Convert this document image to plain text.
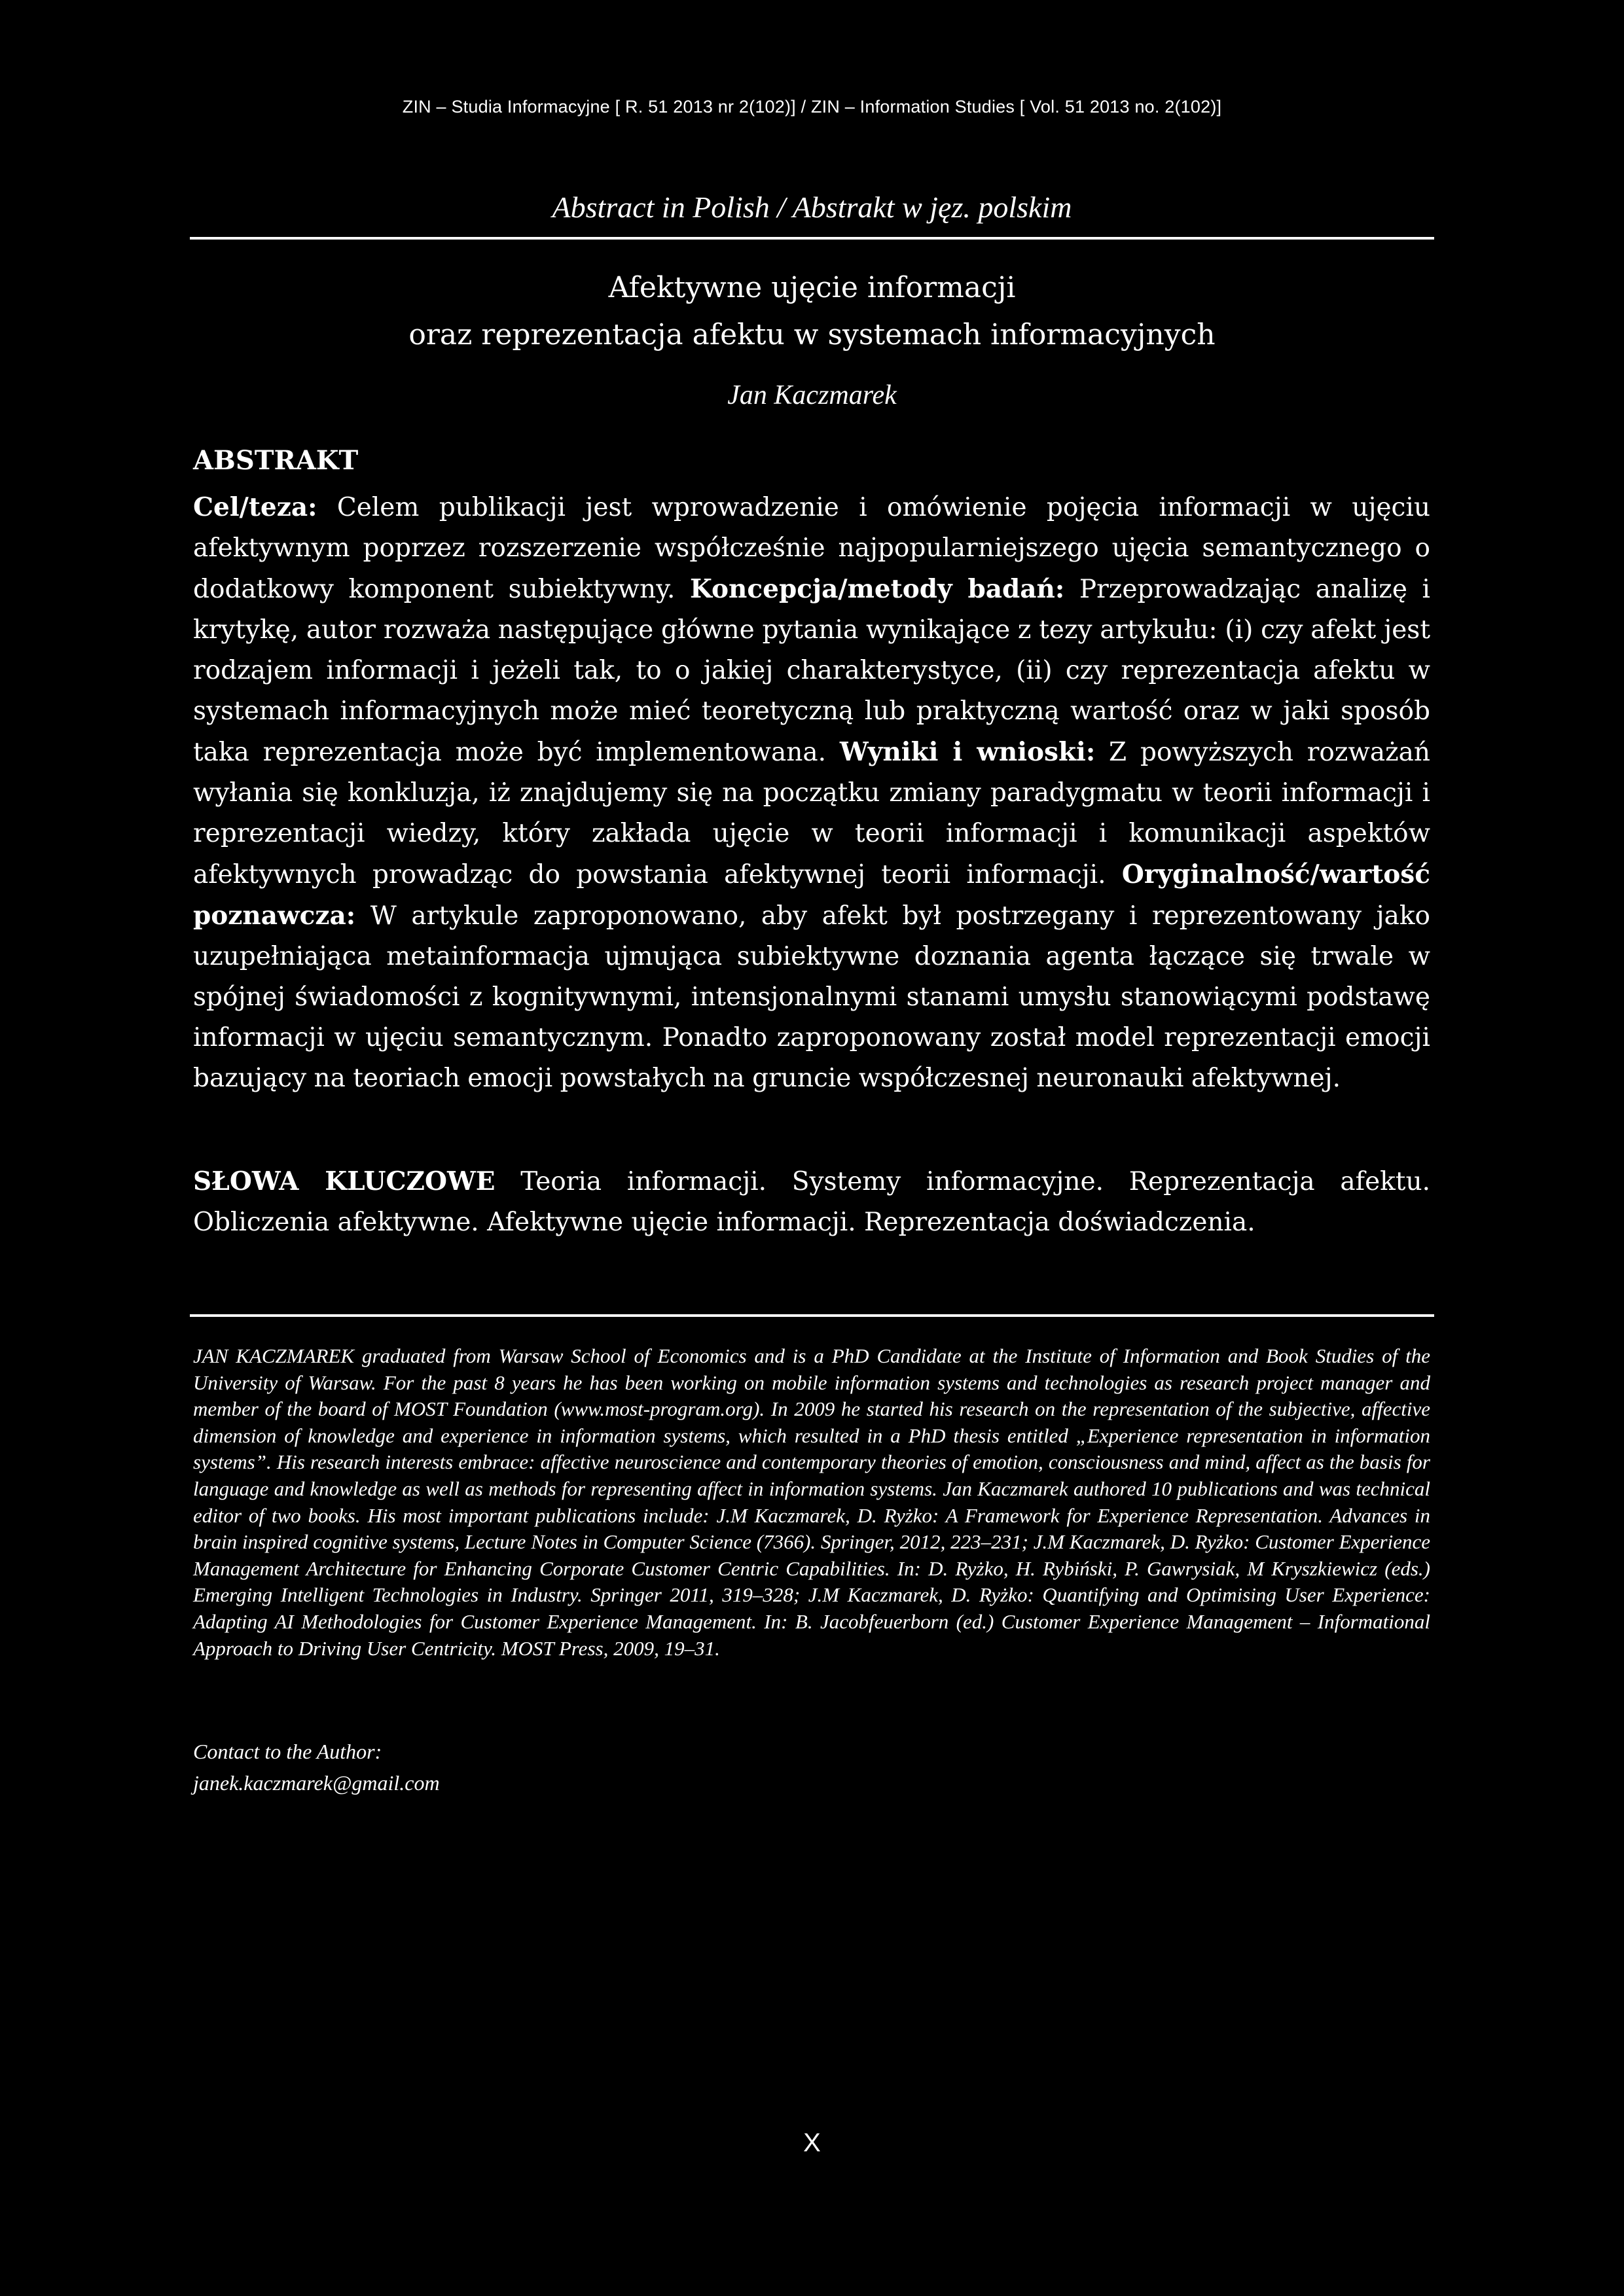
ZIN – Studia Informacyjne [ R. 51 2013 nr 2(102)] / ZIN – Information Studies [ Vol. 51 2013 no. 2(102)]
Abstract in Polish / Abstrakt w jęz. polskim
Afektywne ujęcie informacji
oraz reprezentacja afektu w systemach informacyjnych
Jan Kaczmarek
ABSTRAKT
Cel/teza: Celem publikacji jest wprowadzenie i omówienie pojęcia informacji w ujęciu afektywnym poprzez rozszerzenie współcześnie najpopularniejszego ujęcia semantycznego o dodatkowy komponent subiektywny. Koncepcja/metody badań: Przeprowadzając analizę i krytykę, autor rozważa następujące główne pytania wynikające z tezy artykułu: (i) czy afekt jest rodzajem informacji i jeżeli tak, to o jakiej charakterystyce, (ii) czy reprezentacja afektu w systemach informacyjnych może mieć teoretyczną lub praktyczną wartość oraz w jaki sposób taka reprezentacja może być implementowana. Wyniki i wnioski: Z powyższych rozważań wyłania się konkluzja, iż znajdujemy się na początku zmiany paradygmatu w teorii informacji i reprezentacji wiedzy, który zakłada ujęcie w teorii informacji i komunikacji aspektów afektywnych prowadząc do powstania afektywnej teorii informacji. Oryginalność/wartość poznawcza: W artykule zaproponowano, aby afekt był postrzegany i reprezentowany jako uzupełniająca metainformacja ujmująca subiektywne doznania agenta łączące się trwale w spójnej świadomości z kognitywnymi, intensjonalnymi stanami umysłu stanowiącymi podstawę informacji w ujęciu semantycznym. Ponadto zaproponowany został model reprezentacji emocji bazujący na teoriach emocji powstałych na gruncie współczesnej neuronauki afektywnej.
SŁOWA KLUCZOWE Teoria informacji. Systemy informacyjne. Reprezentacja afektu. Obliczenia afektywne. Afektywne ujęcie informacji. Reprezentacja doświadczenia.
JAN KACZMAREK graduated from Warsaw School of Economics and is a PhD Candidate at the Institute of Information and Book Studies of the University of Warsaw. For the past 8 years he has been working on mobile information systems and technologies as research project manager and member of the board of MOST Foundation (www.most-program.org). In 2009 he started his research on the representation of the subjective, affective dimension of knowledge and experience in information systems, which resulted in a PhD thesis entitled „Experience representation in information systems”. His research interests embrace: affective neuroscience and contemporary theories of emotion, consciousness and mind, affect as the basis for language and knowledge as well as methods for representing affect in information systems. Jan Kaczmarek authored 10 publications and was technical editor of two books. His most important publications include: J.M Kaczmarek, D. Ryżko: A Framework for Experience Representation. Advances in brain inspired cognitive systems, Lecture Notes in Computer Science (7366). Springer, 2012, 223–231; J.M Kaczmarek, D. Ryżko: Customer Experience Management Architecture for Enhancing Corporate Customer Centric Capabilities. In: D. Ryżko, H. Rybiński, P. Gawrysiak, M Kryszkiewicz (eds.) Emerging Intelligent Technologies in Industry. Springer 2011, 319–328; J.M Kaczmarek, D. Ryżko: Quantifying and Optimising User Experience: Adapting AI Methodologies for Customer Experience Management. In: B. Jacobfeuerborn (ed.) Customer Experience Management – Informational Approach to Driving User Centricity. MOST Press, 2009, 19–31.
Contact to the Author:
janek.kaczmarek@gmail.com
X
